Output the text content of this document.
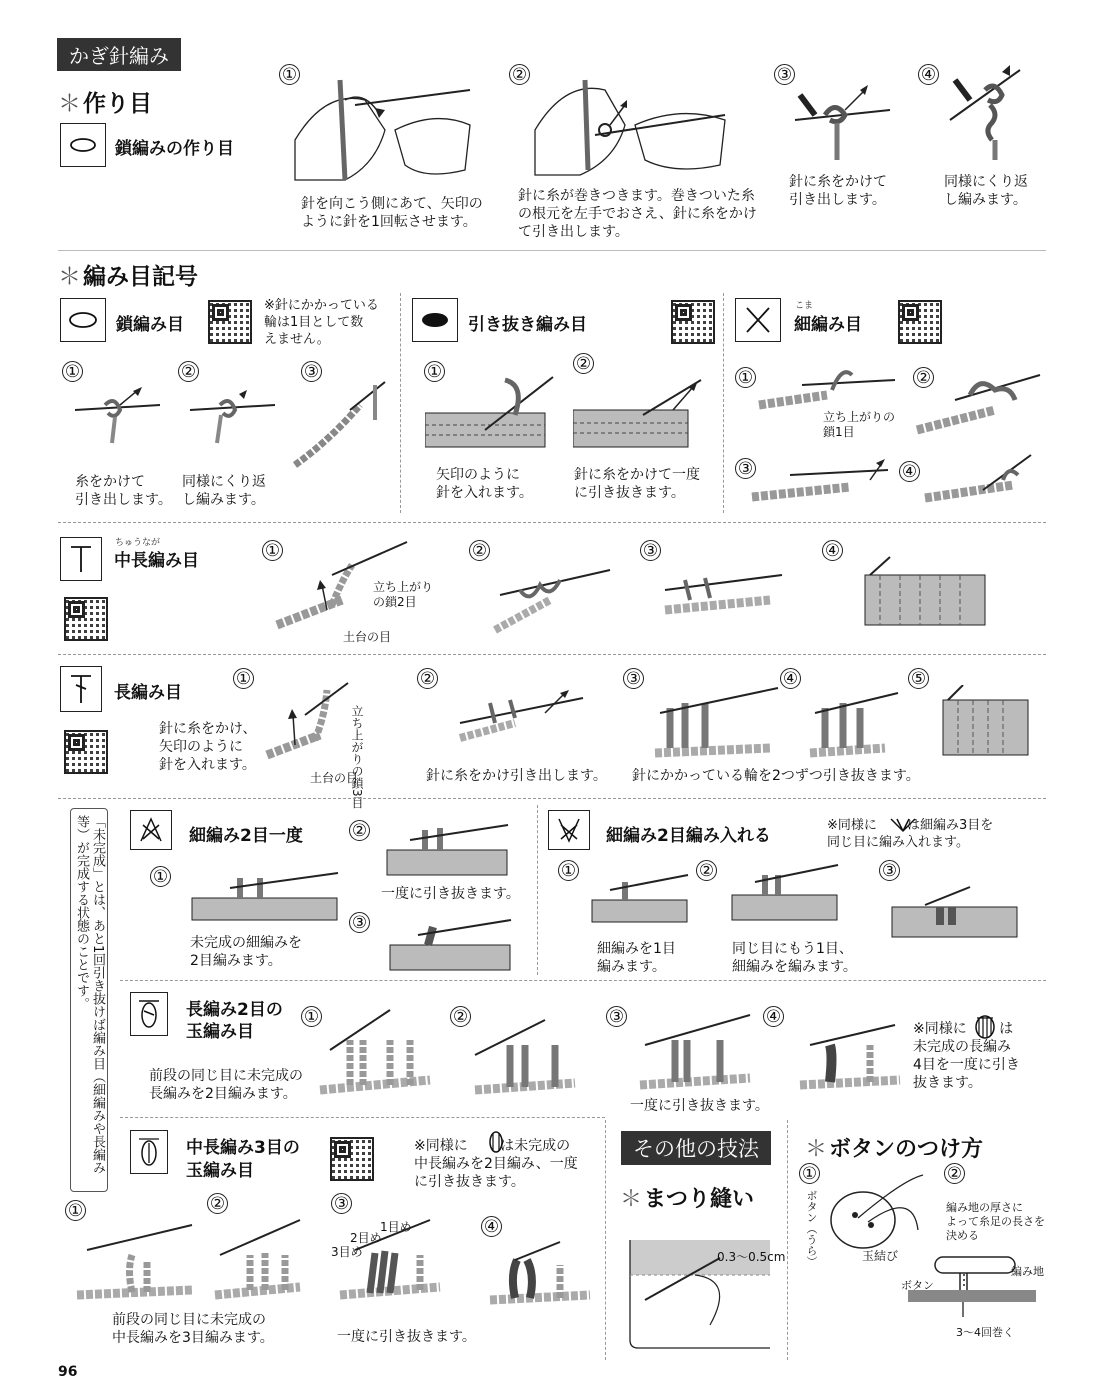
かぎ針編み
＊作り目
鎖編みの作り目
①	②	③	④
針を向こう側にあて、矢印の
ように針を1回転させます。
針に糸が巻きつきます。巻きついた糸
の根元を左手でおさえ、針に糸をかけ
て引き出します。
針に糸をかけて
引き出します。
同様にくり返
し編みます。
＊編み目記号
鎖編み目
※針にかかっている
輪は1目として数
えません。
①	②	③
糸をかけて
引き出します。
同様にくり返
し編みます。
引き抜き編み目
①	②
矢印のように
針を入れます。
針に糸をかけて一度
に引き抜きます。
こま
細編み目
①	②
③	④
立ち上がりの
鎖1目
ちゅうなが
中長編み目	①	②	③	④
立ち上がり
の鎖2目
土台の目
長編み目
①	②	③	④	⑤
針に糸をかけ、
矢印のように
針を入れます。	立ち上がりの鎖3目
土台の目	針に糸をかけ引き出します。 針にかかっている輪を2つずつ引き抜きます。
「未完成」とは、あと1回引き抜けば編み目（細編みや長編み等）が完成する状態のことです。	細編み2目一度
①
②
③
未完成の細編みを
2目編みます。
一度に引き抜きます。
細編み2目編み入れる
※同様に　　 は細編み3目を
同じ目に編み入れます。
①	②	③
細編みを1目
編みます。
同じ目にもう1目、
細編みを編みます。
長編み2目の
玉編み目
①	②	③	④
一度に引き抜きます。
前段の同じ目に未完成の
長編みを2目編みます。
※同様に　　 は
未完成の長編み
4目を一度に引き
抜きます。
中長編み3目の
玉編み目
※同様に　　 は未完成の
中長編みを2目編み、一度
に引き抜きます。
①	②	③
④
1目め
2目め
3目め
前段の同じ目に未完成の
中長編みを3目編みます。	一度に引き抜きます。
その他の技法
＊まつり縫い
0.3〜0.5cm
＊ボタンのつけ方
①	②
ボタン（うら）	玉結び
編み地の厚さに
よって糸足の長さを
決める
ボタン
編み地
3〜4回巻く
96
